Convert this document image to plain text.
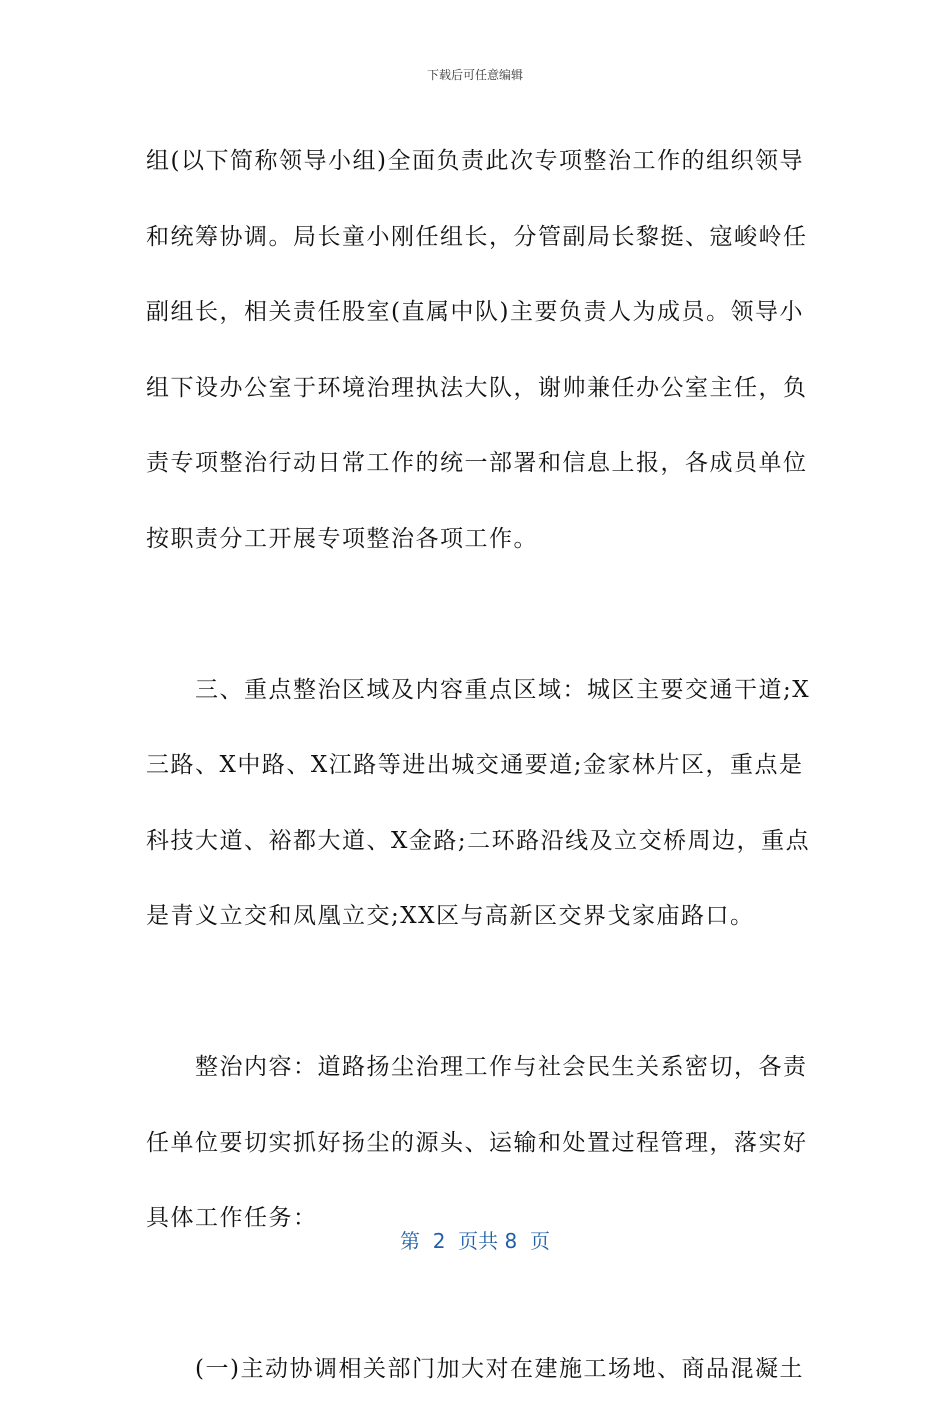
下载后可任意编辑
组(以下简称领导小组)全面负责此次专项整治工作的组织领导
和统筹协调。局长童小刚任组长，分管副局长黎挺、寇峻岭任
副组长，相关责任股室(直属中队)主要负责人为成员。领导小
组下设办公室于环境治理执法大队，谢帅兼任办公室主任，负
责专项整治行动日常工作的统一部署和信息上报，各成员单位
按职责分工开展专项整治各项工作。
　　三、重点整治区域及内容重点区域：城区主要交通干道;X
三路、X中路、X江路等进出城交通要道;金家林片区，重点是
科技大道、裕都大道、X金路;二环路沿线及立交桥周边，重点
是青义立交和凤凰立交;XX区与高新区交界戈家庙路口。
　　整治内容：道路扬尘治理工作与社会民生关系密切，各责
任单位要切实抓好扬尘的源头、运输和处置过程管理，落实好
具体工作任务：
　　(一)主动协调相关部门加大对在建施工场地、商品混凝土
第  2  页共 8  页
